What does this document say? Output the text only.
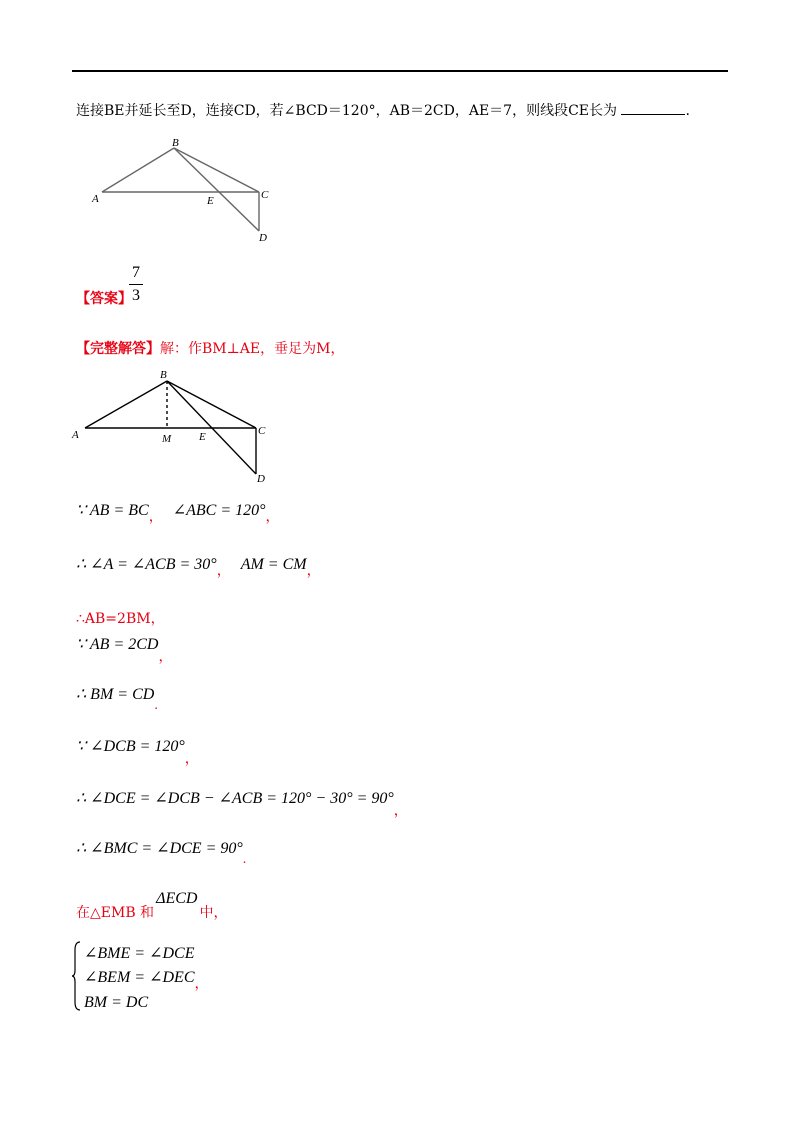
连接BE并延长至D，连接CD，若∠BCD＝120°，AB＝2CD，AE＝7，则线段CE长为	.
B
A	E	C
D
【答案】
7
3
【完整解答】解：作BM⊥AE，垂足为M，
B
A	M	E	C
D
∵ AB = BC， ∠ABC = 120°，
∴ ∠A = ∠ACB = 30°， AM = CM，
∴AB=2BM，
∵ AB = 2CD，
∴ BM = CD.
∵ ∠DCB = 120°，
∴ ∠DCE = ∠DCB − ∠ACB = 120° − 30° = 90°，
∴ ∠BMC = ∠DCE = 90°.
在△EMB 和ΔECD中，
∠BME = ∠DCE
∠BEM = ∠DEC，
BM = DC
